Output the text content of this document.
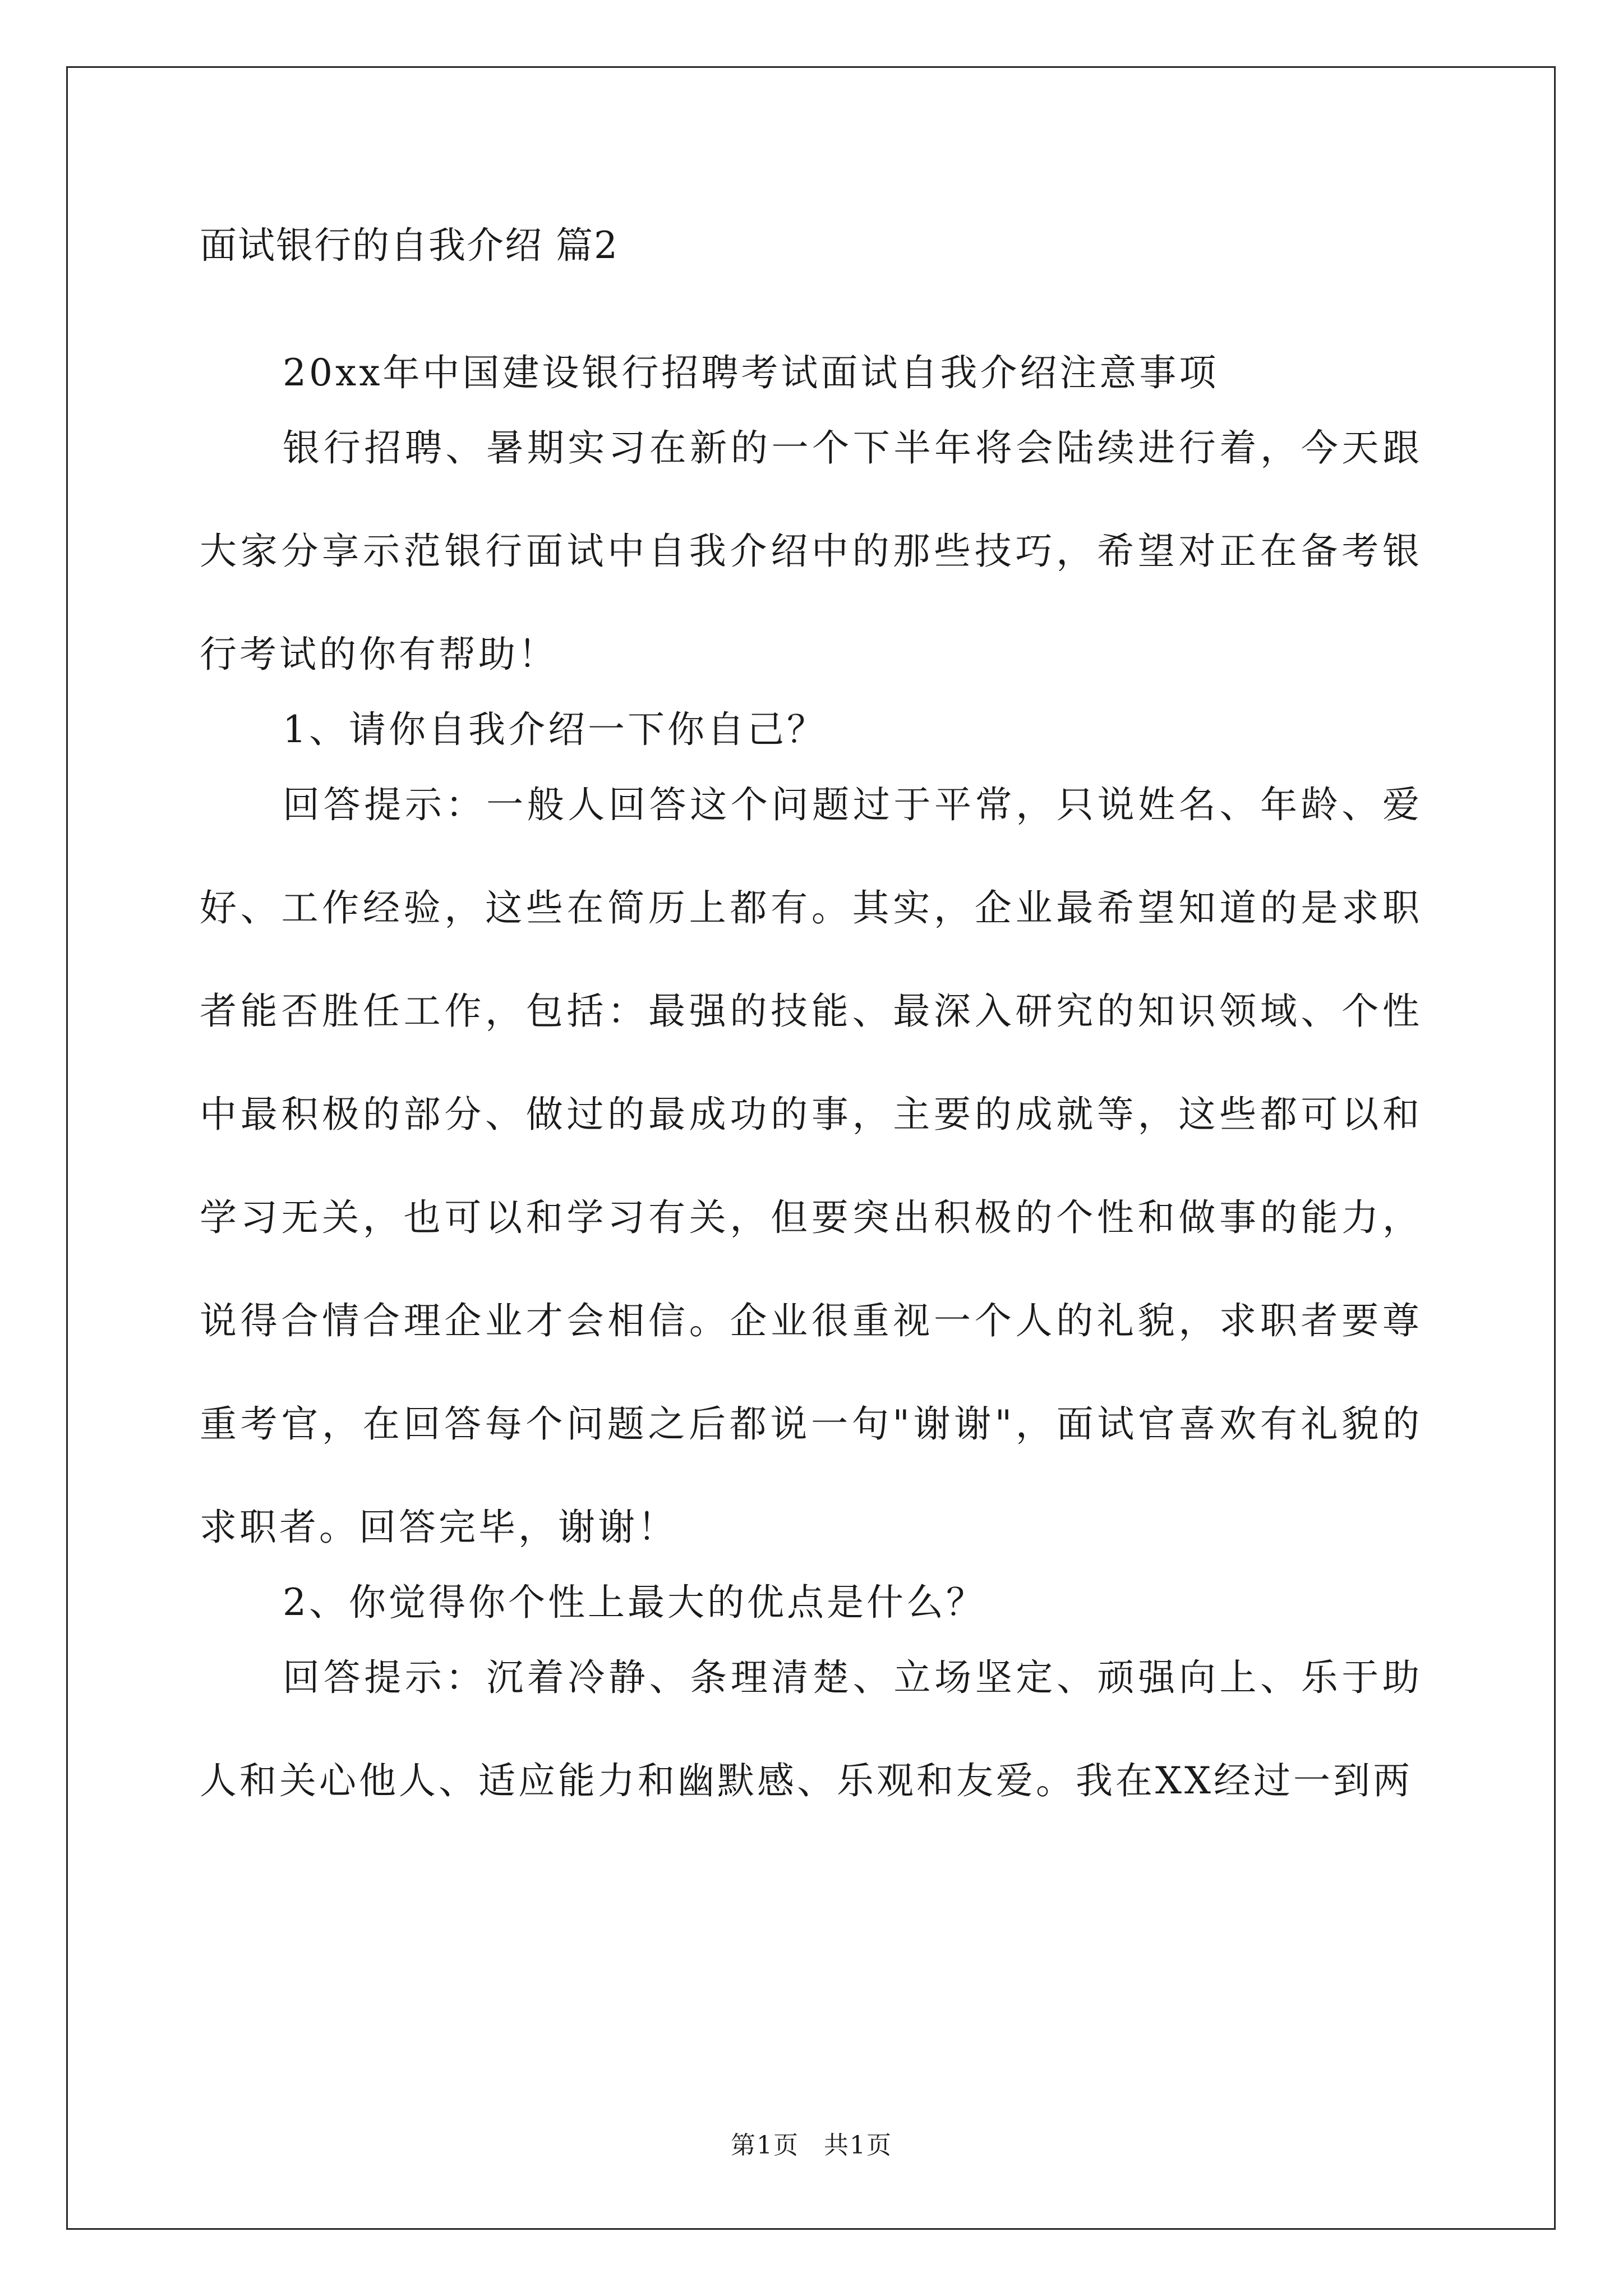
面试银行的自我介绍 篇2

20xx年中国建设银行招聘考试面试自我介绍注意事项

银行招聘、暑期实习在新的一个下半年将会陆续进行着，今天跟大家分享示范银行面试中自我介绍中的那些技巧，希望对正在备考银行考试的你有帮助！

1、请你自我介绍一下你自己？

回答提示：一般人回答这个问题过于平常，只说姓名、年龄、爱好、工作经验，这些在简历上都有。其实，企业最希望知道的是求职者能否胜任工作，包括：最强的技能、最深入研究的知识领域、个性中最积极的部分、做过的最成功的事，主要的成就等，这些都可以和学习无关，也可以和学习有关，但要突出积极的个性和做事的能力，说得合情合理企业才会相信。企业很重视一个人的礼貌，求职者要尊重考官，在回答每个问题之后都说一句"谢谢"，面试官喜欢有礼貌的求职者。回答完毕，谢谢！

2、你觉得你个性上最大的优点是什么？

回答提示：沉着冷静、条理清楚、立场坚定、顽强向上、乐于助人和关心他人、适应能力和幽默感、乐观和友爱。我在XX经过一到两

第1页 共1页
